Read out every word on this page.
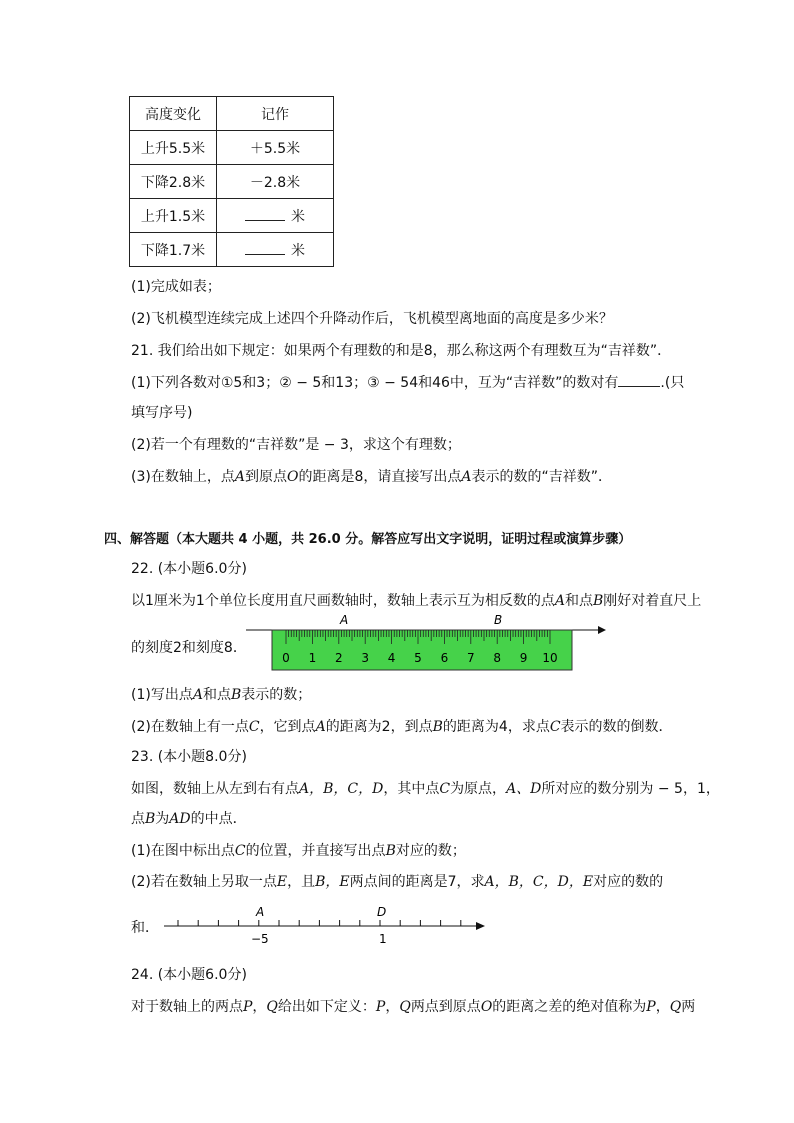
高度变化	记作
上升5.5米	＋5.5米
下降2.8米	－2.8米
上升1.5米	米
下降1.7米	米
(1)完成如表；
(2)飞机模型连续完成上述四个升降动作后，飞机模型离地面的高度是多少米？
21. 我们给出如下规定：如果两个有理数的和是8，那么称这两个有理数互为“吉祥数”．
(1)下列各数对①5和3；② − 5和13；③ − 54和46中，互为“吉祥数”的数对有	.(只
填写序号)
(2)若一个有理数的“吉祥数”是 − 3，求这个有理数；
(3)在数轴上，点A到原点O的距离是8，请直接写出点A表示的数的“吉祥数”．
四、解答题（本大题共 4 小题，共 26.0 分。解答应写出文字说明，证明过程或演算步骤）
22. (本小题6.0分)
以1厘米为1个单位长度用直尺画数轴时，数轴上表示互为相反数的点A和点B刚好对着直尺上
的刻度2和刻度8．
A	B
0 1 2 3 4 5 6 7 8 9 10
(1)写出点A和点B表示的数；
(2)在数轴上有一点C，它到点A的距离为2，到点B的距离为4，求点C表示的数的倒数．
23. (本小题8.0分)
如图，数轴上从左到右有点A，B，C，D，其中点C为原点，A、D所对应的数分别为 − 5，1，
点B为AD的中点．
(1)在图中标出点C的位置，并直接写出点B对应的数；
(2)若在数轴上另取一点E，且B，E两点间的距离是7，求A，B，C，D，E对应的数的
和．
A	D
−5	1
24. (本小题6.0分)
对于数轴上的两点P，Q给出如下定义：P，Q两点到原点O的距离之差的绝对值称为P，Q两
